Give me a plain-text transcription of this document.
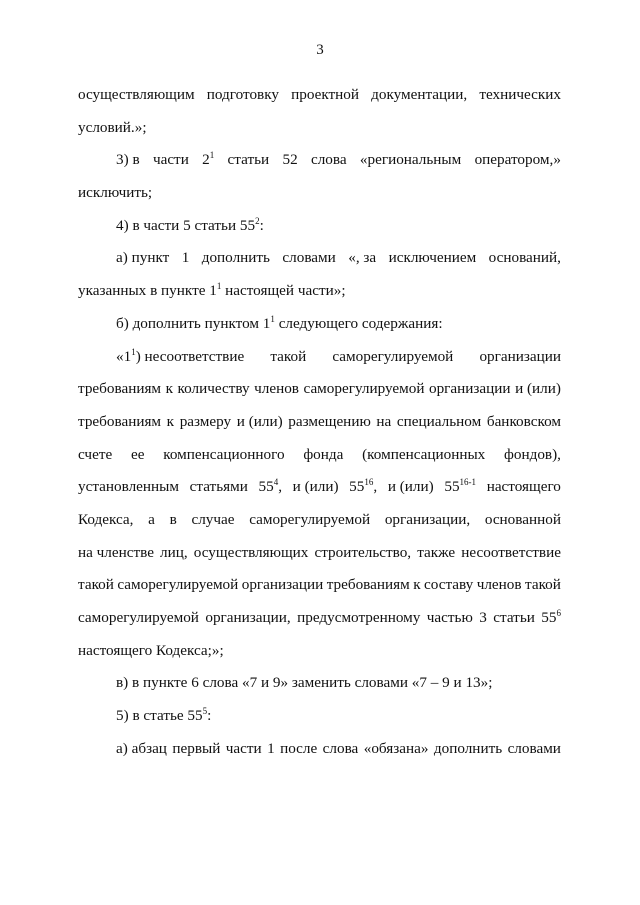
3
осуществляющим подготовку проектной документации, технических
условий.»;
3) в части $2^1$ статьи 52 слова «региональным оператором,»
исключить;
4) в части 5 статьи $55^2$:
а) пункт 1 дополнить словами «, за исключением оснований,
указанных в пункте $1^1$ настоящей части»;
б) дополнить пунктом $1^1$ следующего содержания:
«$1^1$) несоответствие такой саморегулируемой организации
требованиям к количеству членов саморегулируемой организации и (или)
требованиям к размеру и (или) размещению на специальном банковском
счете ее компенсационного фонда (компенсационных фондов),
установленным статьями $55^4$, и (или) $55^{16}$, и (или) 55$^{16-1}$ настоящего
Кодекса, а в случае саморегулируемой организации, основанной
на членстве лиц, осуществляющих строительство, также несоответствие
такой саморегулируемой организации требованиям к составу членов такой
саморегулируемой организации, предусмотренному частью 3 статьи $55^6$
настоящего Кодекса;»;
в) в пункте 6 слова «7 и 9» заменить словами «7 – 9 и 13»;
5) в статье $55^5$:
а) абзац первый части 1 после слова «обязана» дополнить словами
